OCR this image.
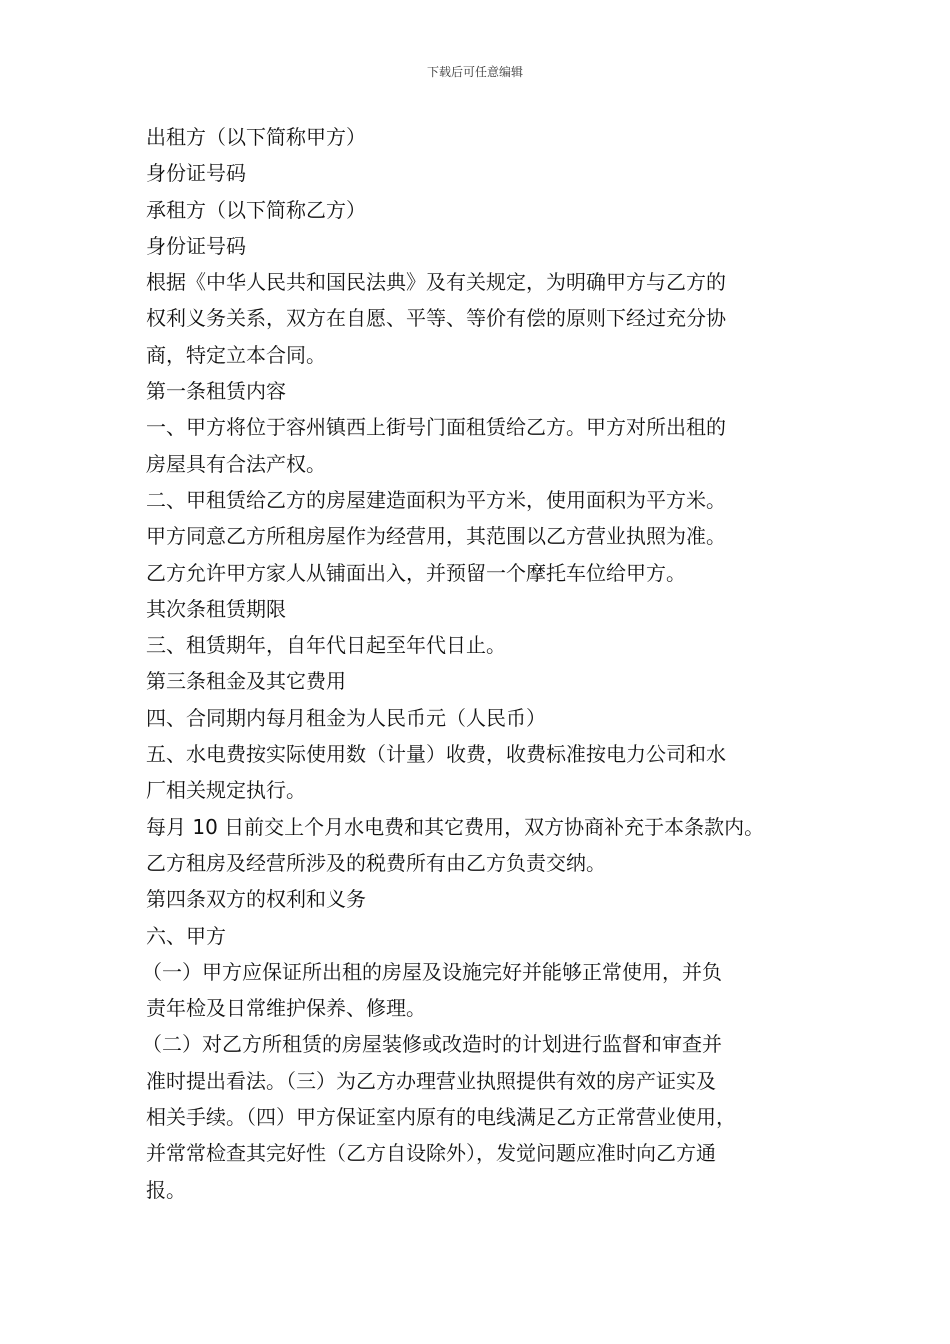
下载后可任意编辑
出租方（以下简称甲方）
身份证号码
承租方（以下简称乙方）
身份证号码
根据《中华人民共和国民法典》及有关规定，为明确甲方与乙方的
权利义务关系，双方在自愿、平等、等价有偿的原则下经过充分协
商，特定立本合同。
第一条租赁内容
一、甲方将位于容州镇西上街号门面租赁给乙方。甲方对所出租的
房屋具有合法产权。
二、甲租赁给乙方的房屋建造面积为平方米，使用面积为平方米。
甲方同意乙方所租房屋作为经营用，其范围以乙方营业执照为准。
乙方允许甲方家人从铺面出入，并预留一个摩托车位给甲方。
其次条租赁期限
三、租赁期年，自年代日起至年代日止。
第三条租金及其它费用
四、合同期内每月租金为人民币元（人民币）
五、水电费按实际使用数（计量）收费，收费标准按电力公司和水
厂相关规定执行。
每月 10 日前交上个月水电费和其它费用，双方协商补充于本条款内。
乙方租房及经营所涉及的税费所有由乙方负责交纳。
第四条双方的权利和义务
六、甲方
（一）甲方应保证所出租的房屋及设施完好并能够正常使用，并负
责年检及日常维护保养、修理。
（二）对乙方所租赁的房屋装修或改造时的计划进行监督和审查并
准时提出看法。（三）为乙方办理营业执照提供有效的房产证实及
相关手续。（四）甲方保证室内原有的电线满足乙方正常营业使用，
并常常检查其完好性（乙方自设除外），发觉问题应准时向乙方通
报。
